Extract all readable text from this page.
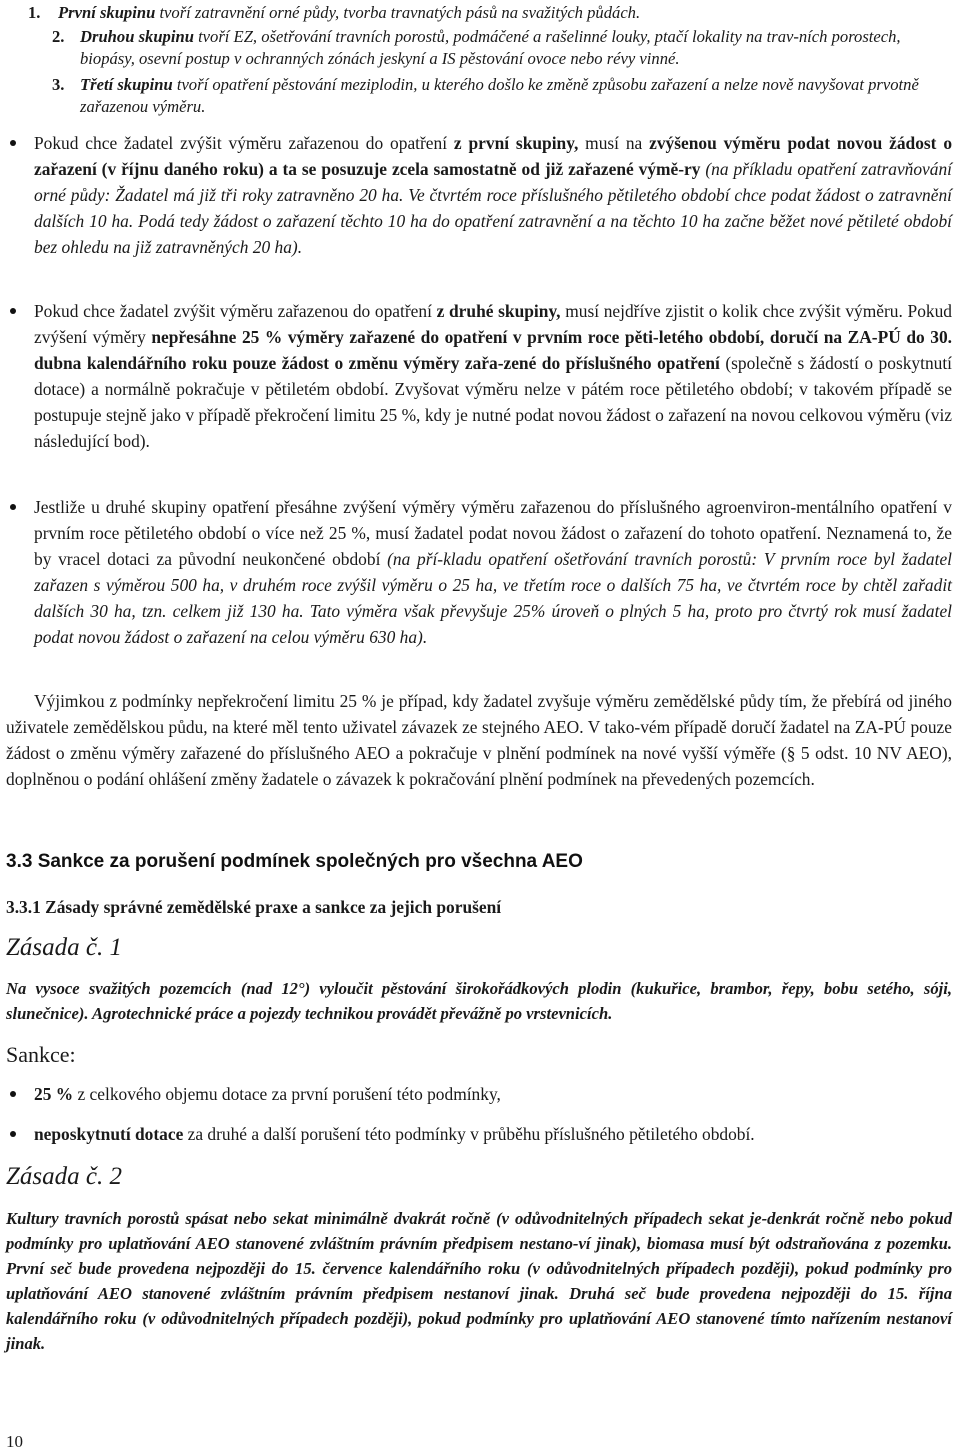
1. První skupinu tvoří zatravnění orné půdy, tvorba travnatých pásů na svažitých půdách.
2. Druhou skupinu tvoří EZ, ošetřování travních porostů, podmáčené a rašelinné louky, ptačí lokality na trav-ních porostech, biopásy, osevní postup v ochranných zónách jeskyní a IS pěstování ovoce nebo révy vinné.
3. Třetí skupinu tvoří opatření pěstování meziplodin, u kterého došlo ke změně způsobu zařazení a nelze nově navyšovat prvotně zařazenou výměru.
Pokud chce žadatel zvýšit výměru zařazenou do opatření z první skupiny, musí na zvýšenou výměru podat novou žádost o zařazení (v říjnu daného roku) a ta se posuzuje zcela samostatně od již zařazené výmě-ry (na příkladu opatření zatravňování orné půdy: Žadatel má již tři roky zatravněno 20 ha. Ve čtvrtém roce příslušného pětiletého období chce podat žádost o zatravnění dalších 10 ha. Podá tedy žádost o zařazení těchto 10 ha do opatření zatravnění a na těchto 10 ha začne běžet nové pětileté období bez ohledu na již zatravněných 20 ha).
Pokud chce žadatel zvýšit výměru zařazenou do opatření z druhé skupiny, musí nejdříve zjistit o kolik chce zvýšit výměru. Pokud zvýšení výměry nepřesáhne 25 % výměry zařazené do opatření v prvním roce pěti-letého období, doručí na ZA-PÚ do 30. dubna kalendářního roku pouze žádost o změnu výměry zařa-zené do příslušného opatření (společně s žádostí o poskytnutí dotace) a normálně pokračuje v pětiletém období. Zvyšovat výměru nelze v pátém roce pětiletého období; v takovém případě se postupuje stejně jako v případě překročení limitu 25 %, kdy je nutné podat novou žádost o zařazení na novou celkovou výměru (viz následující bod).
Jestliže u druhé skupiny opatření přesáhne zvýšení výměry výměru zařazenou do příslušného agroenviron-mentálního opatření v prvním roce pětiletého období o více než 25 %, musí žadatel podat novou žádost o zařazení do tohoto opatření. Neznamená to, že by vracel dotaci za původní neukončené období (na pří-kladu opatření ošetřování travních porostů: V prvním roce byl žadatel zařazen s výměrou 500 ha, v druhém roce zvýšil výměru o 25 ha, ve třetím roce o dalších 75 ha, ve čtvrtém roce by chtěl zařadit dalších 30 ha, tzn. celkem již 130 ha. Tato výměra však převyšuje 25% úroveň o plných 5 ha, proto pro čtvrtý rok musí žadatel podat novou žádost o zařazení na celou výměru 630 ha).
Výjimkou z podmínky nepřekročení limitu 25 % je případ, kdy žadatel zvyšuje výměru zemědělské půdy tím, že přebírá od jiného uživatele zemědělskou půdu, na které měl tento uživatel závazek ze stejného AEO. V tako-vém případě doručí žadatel na ZA-PÚ pouze žádost o změnu výměry zařazené do příslušného AEO a pokračuje v plnění podmínek na nové vyšší výměře (§ 5 odst. 10 NV AEO), doplněnou o podání ohlášení změny žadatele o závazek k pokračování plnění podmínek na převedených pozemcích.
3.3 Sankce za porušení podmínek společných pro všechna AEO
3.3.1 Zásady správné zemědělské praxe a sankce za jejich porušení
Zásada č. 1
Na vysoce svažitých pozemcích (nad 12°) vyloučit pěstování širokořádkových plodin (kukuřice, brambor, řepy, bobu setého, sóji, slunečnice). Agrotechnické práce a pojezdy technikou provádět převážně po vrstevnicích.
Sankce:
25 % z celkového objemu dotace za první porušení této podmínky,
neposkytnutí dotace za druhé a další porušení této podmínky v průběhu příslušného pětiletého období.
Zásada č. 2
Kultury travních porostů spásat nebo sekat minimálně dvakrát ročně (v odůvodnitelných případech sekat je-denkrát ročně nebo pokud podmínky pro uplatňování AEO stanovené zvláštním právním předpisem nestano-ví jinak), biomasa musí být odstraňována z pozemku. První seč bude provedena nejpozději do 15. července kalendářního roku (v odůvodnitelných případech později), pokud podmínky pro uplatňování AEO stanovené zvláštním právním předpisem nestanoví jinak. Druhá seč bude provedena nejpozději do 15. října kalendářního roku (v odůvodnitelných případech později), pokud podmínky pro uplatňování AEO stanovené tímto nařízením nestanoví jinak.
10
